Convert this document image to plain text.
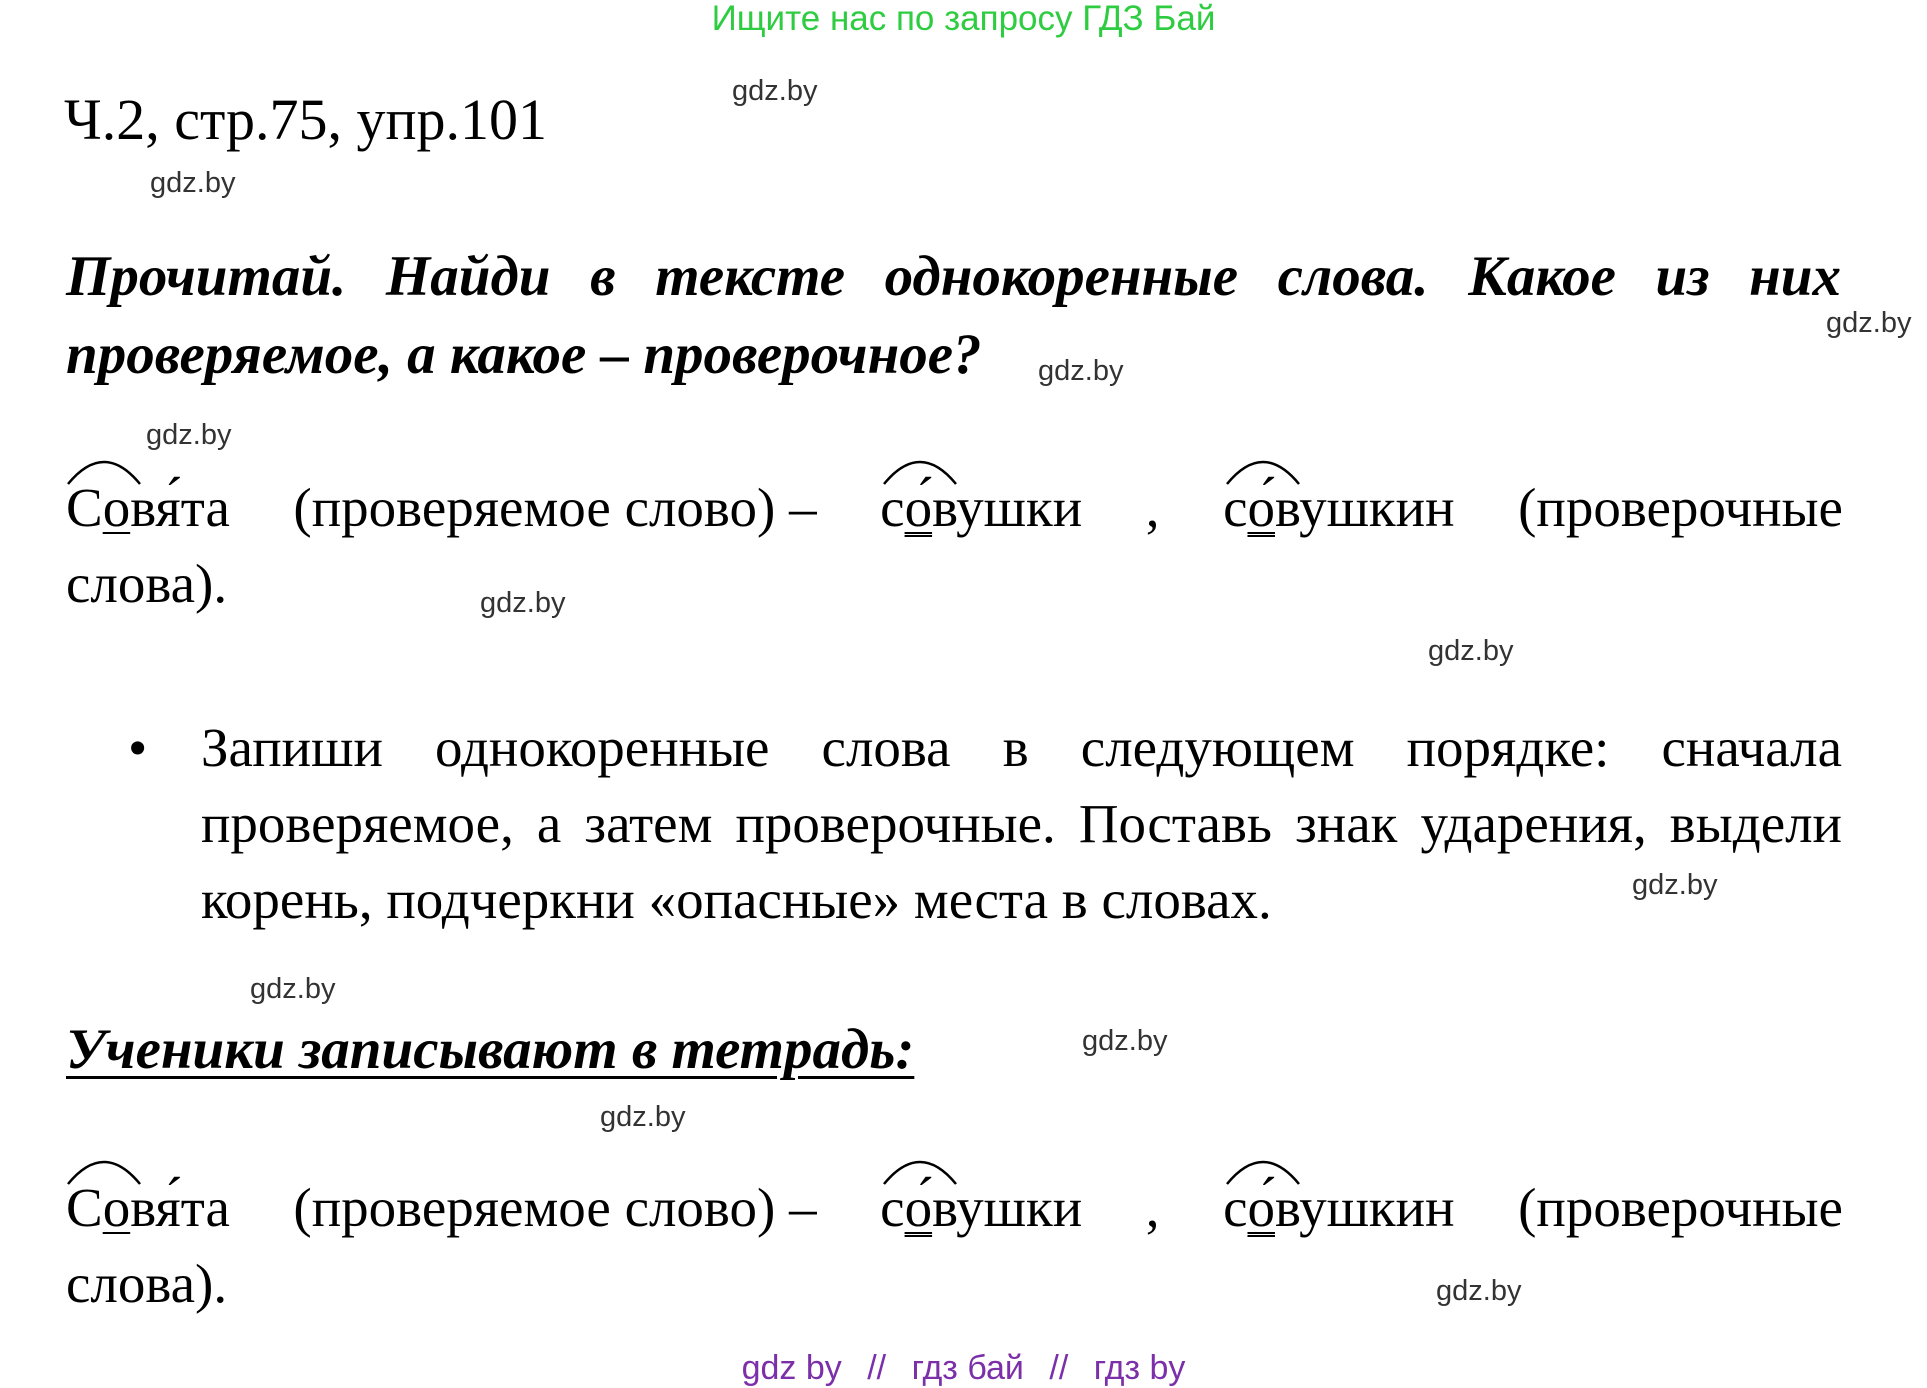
Ищите нас по запросу ГДЗ Бай
Ч.2, стр.75, упр.101
Прочитай. Найди в тексте однокоренные слова. Какое из них
проверяемое, а какое – проверочное?
Совя́та (проверяемое слово) – со́вушки , со́вушкин (проверочные
слова).
• Запиши однокоренные слова в следующем порядке: сначала проверяемое, а затем проверочные. Поставь знак ударения, выдели корень, подчеркни «опасные» места в словах.
Ученики записывают в тетрадь:
Совя́та (проверяемое слово) – со́вушки , со́вушкин (проверочные
слова).
gdz.by
gdz.by
gdz.by
gdz.by
gdz.by
gdz.by
gdz.by
gdz.by
gdz.by
gdz.by
gdz.by
gdz.by
gdz by // гдз бай // гдз by
